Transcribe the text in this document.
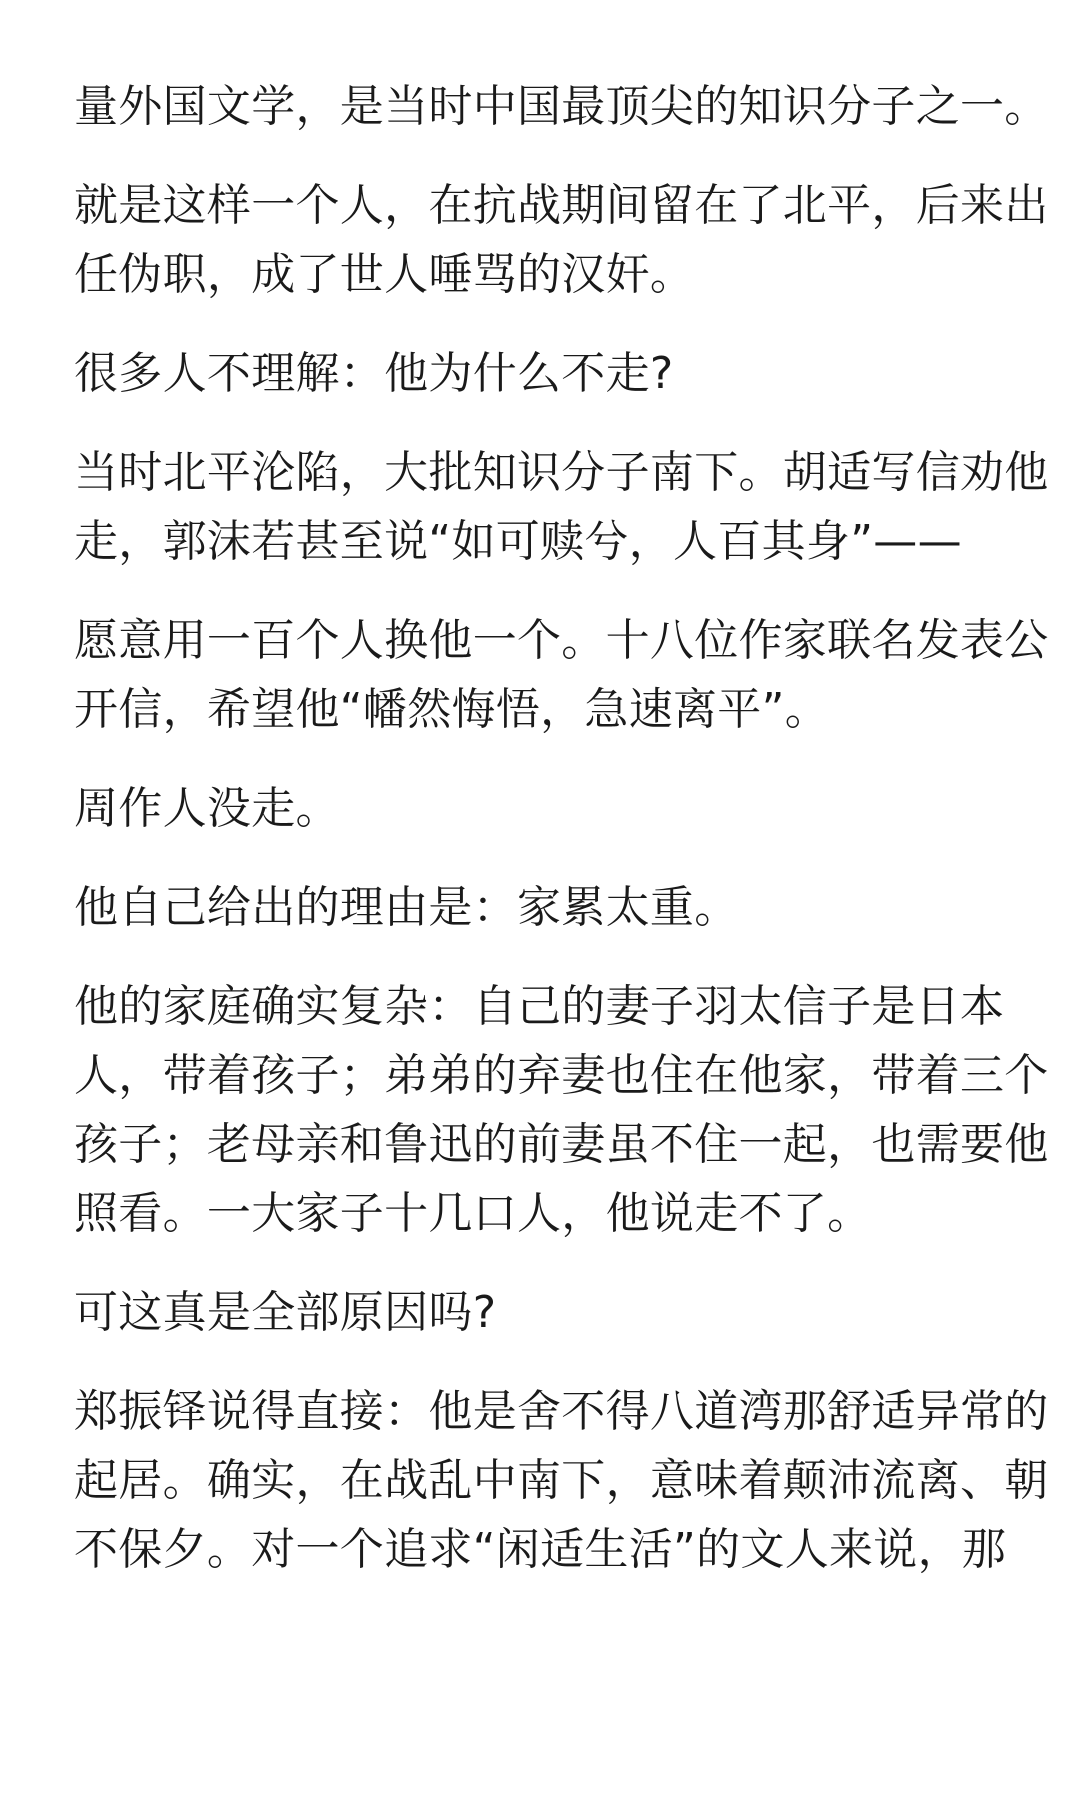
量外国文学，是当时中国最顶尖的知识分子之一。

就是这样一个人，在抗战期间留在了北平，后来出
任伪职，成了世人唾骂的汉奸。

很多人不理解：他为什么不走?

当时北平沦陷，大批知识分子南下。胡适写信劝他
走，郭沫若甚至说“如可赎兮，人百其身”——

愿意用一百个人换他一个。十八位作家联名发表公
开信，希望他“幡然悔悟，急速离平”。

周作人没走。

他自己给出的理由是：家累太重。

他的家庭确实复杂：自己的妻子羽太信子是日本
人，带着孩子；弟弟的弃妻也住在他家，带着三个
孩子；老母亲和鲁迅的前妻虽不住一起，也需要他
照看。一大家子十几口人，他说走不了。

可这真是全部原因吗?

郑振铎说得直接：他是舍不得八道湾那舒适异常的
起居。确实，在战乱中南下，意味着颠沛流离、朝
不保夕。对一个追求“闲适生活”的文人来说，那
